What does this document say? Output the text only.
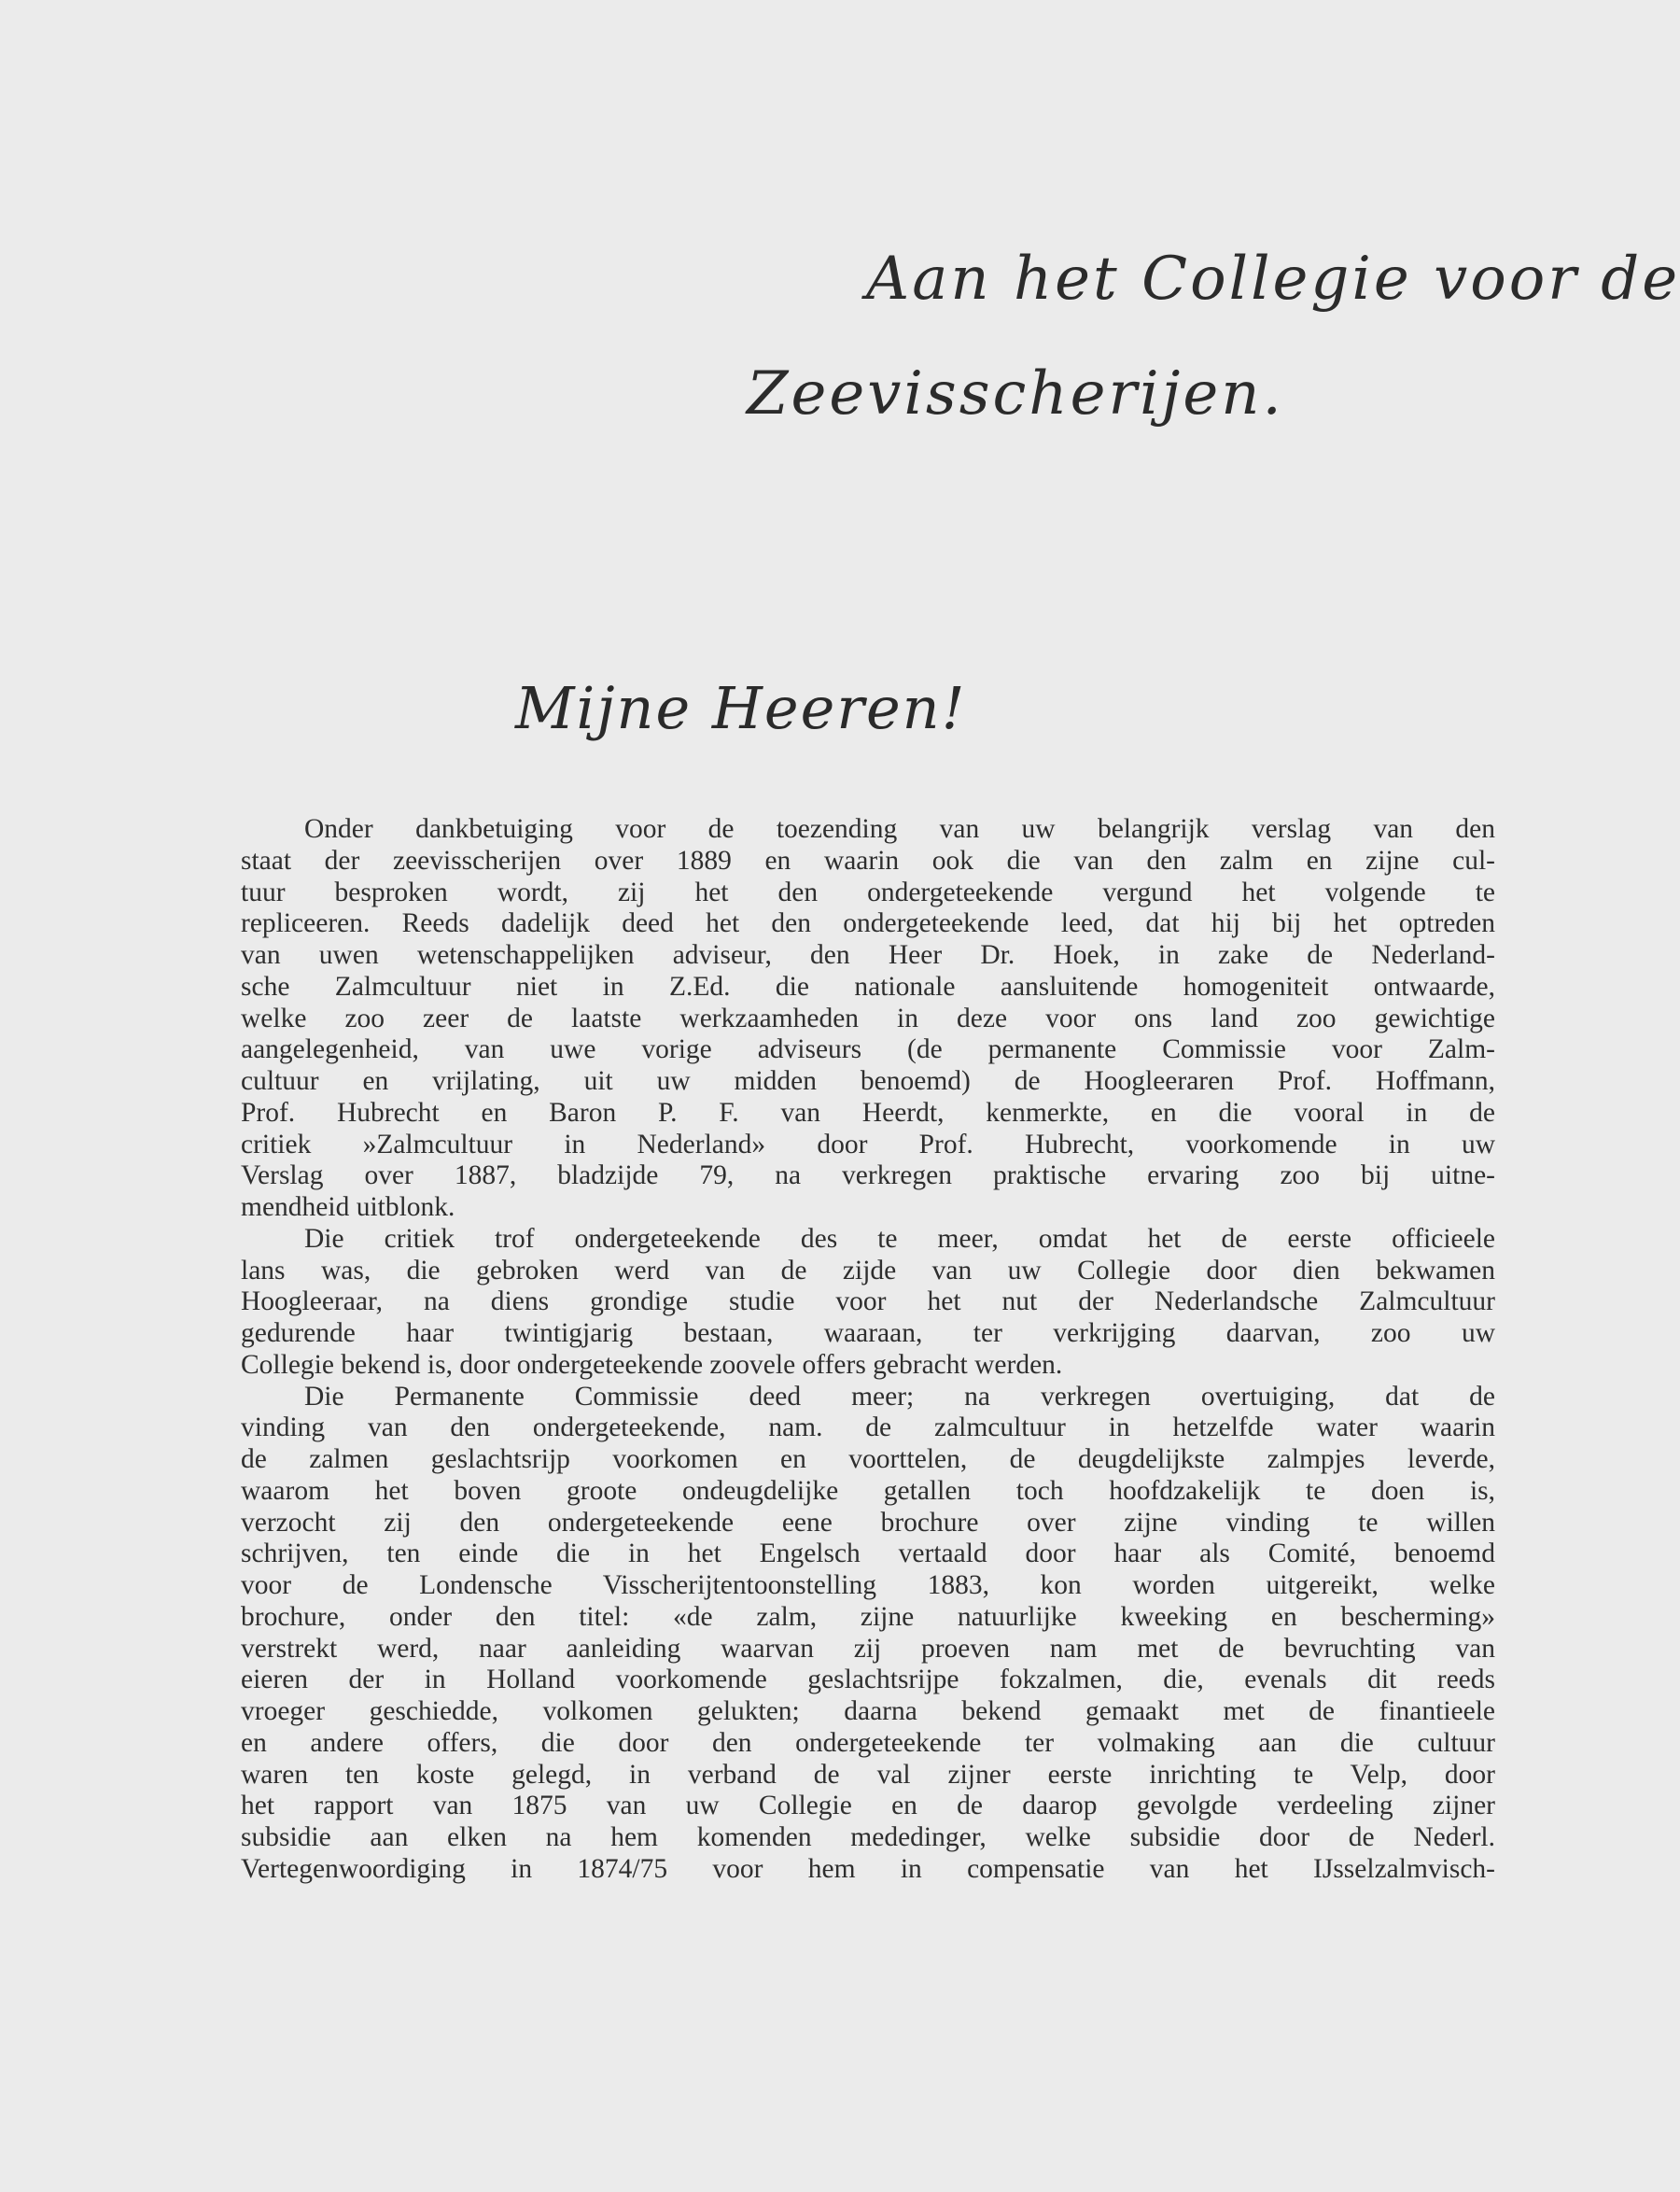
Aan het Collegie voor de
Zeevisscherijen.
Mijne Heeren!
Onder dankbetuiging voor de toezending van uw belangrijk verslag van den
staat der zeevisscherijen over 1889 en waarin ook die van den zalm en zijne cul-
tuur besproken wordt, zij het den ondergeteekende vergund het volgende te
repliceeren. Reeds dadelijk deed het den ondergeteekende leed, dat hij bij het optreden
van uwen wetenschappelijken adviseur, den Heer Dr. Hoek, in zake de Nederland-
sche Zalmcultuur niet in Z.Ed. die nationale aansluitende homogeniteit ontwaarde,
welke zoo zeer de laatste werkzaamheden in deze voor ons land zoo gewichtige
aangelegenheid, van uwe vorige adviseurs (de permanente Commissie voor Zalm-
cultuur en vrijlating, uit uw midden benoemd) de Hoogleeraren Prof. Hoffmann,
Prof. Hubrecht en Baron P. F. van Heerdt, kenmerkte, en die vooral in de
critiek »Zalmcultuur in Nederland» door Prof. Hubrecht, voorkomende in uw
Verslag over 1887, bladzijde 79, na verkregen praktische ervaring zoo bij uitne-
mendheid uitblonk.
Die critiek trof ondergeteekende des te meer, omdat het de eerste officieele
lans was, die gebroken werd van de zijde van uw Collegie door dien bekwamen
Hoogleeraar, na diens grondige studie voor het nut der Nederlandsche Zalmcultuur
gedurende haar twintigjarig bestaan, waaraan, ter verkrijging daarvan, zoo uw
Collegie bekend is, door ondergeteekende zoovele offers gebracht werden.
Die Permanente Commissie deed meer; na verkregen overtuiging, dat de
vinding van den ondergeteekende, nam. de zalmcultuur in hetzelfde water waarin
de zalmen geslachtsrijp voorkomen en voorttelen, de deugdelijkste zalmpjes leverde,
waarom het boven groote ondeugdelijke getallen toch hoofdzakelijk te doen is,
verzocht zij den ondergeteekende eene brochure over zijne vinding te willen
schrijven, ten einde die in het Engelsch vertaald door haar als Comité, benoemd
voor de Londensche Visscherijtentoonstelling 1883, kon worden uitgereikt, welke
brochure, onder den titel: «de zalm, zijne natuurlijke kweeking en bescherming»
verstrekt werd, naar aanleiding waarvan zij proeven nam met de bevruchting van
eieren der in Holland voorkomende geslachtsrijpe fokzalmen, die, evenals dit reeds
vroeger geschiedde, volkomen gelukten; daarna bekend gemaakt met de finantieele
en andere offers, die door den ondergeteekende ter volmaking aan die cultuur
waren ten koste gelegd, in verband de val zijner eerste inrichting te Velp, door
het rapport van 1875 van uw Collegie en de daarop gevolgde verdeeling zijner
subsidie aan elken na hem komenden mededinger, welke subsidie door de Nederl.
Vertegenwoordiging in 1874/75 voor hem in compensatie van het IJsselzalmvisch-
